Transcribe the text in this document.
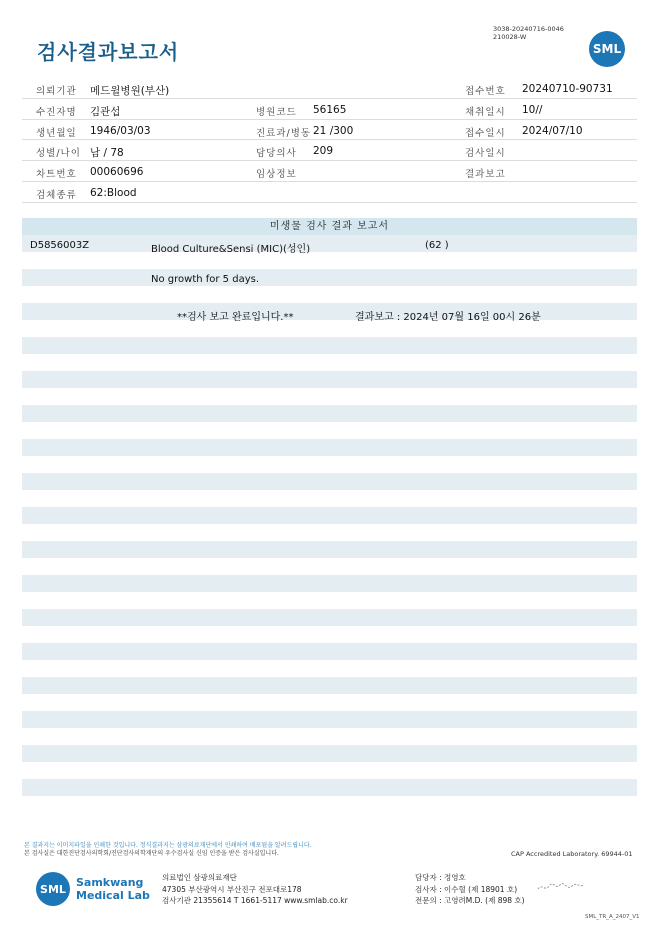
검사결과보고서
3038-20240716-0046
210028-W
SML
의뢰기관 메드윌병원(부산)	접수번호 20240710-90731
수진자명 김관섭	병원코드 56165	채취일시 10//
생년월일 1946/03/03	진료과/병동 21 /300	접수일시 2024/07/10
성별/나이 남 / 78	담당의사 209	검사일시
차트번호 00060696	임상정보	결과보고
검체종류 62:Blood
미생물 검사 결과 보고서
D5856003Z	Blood Culture&Sensi (MIC)(성인)	(62 )
No growth for 5 days.
**검사 보고 완료입니다.**	결과보고 : 2024년 07월 16일 00시 26분
본 결과지는 이미지파일을 인쇄한 것입니다. 정식결과지는 삼광의료재단에서 인쇄하여 배포됨을 알려드립니다.
본 검사실은 대한진단검사의학회/진단검사의학재단의 우수검사실 신임 인증을 받은 검사실입니다.	CAP Accredited Laboratory. 69944-01
SML Samkwang
Medical Lab
의료법인 삼광의료재단
47305 부산광역시 부산진구 전포대로178
검사기관 21355614 T 1661-5117 www.smlab.co.kr
담당자 : 정영호
검사자 : 이수혈 (제 18901 호)
전문의 : 고영려M.D. (제 898 호)
SML_TR_A_2407_V1
